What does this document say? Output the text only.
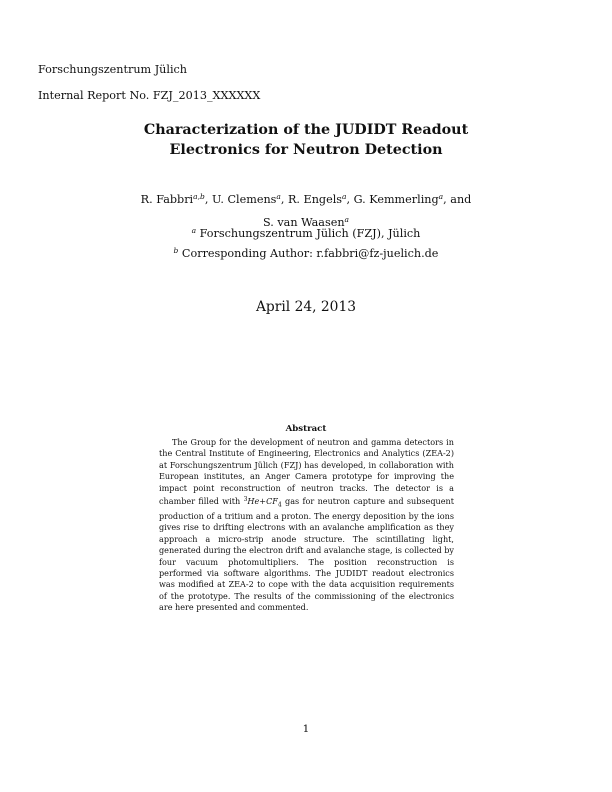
Forschungszentrum Jülich
Internal Report No. FZJ_2013_XXXXXX
Characterization of the JUDIDT Readout
Electronics for Neutron Detection
R. Fabbri$^{a,b}$, U. Clemens$^a$, R. Engels$^a$, G. Kemmerling$^a$, and
S. van Waasen$^a$
$^a$ Forschungszentrum Jülich (FZJ), Jülich
$^b$ Corresponding Author: r.fabbri@fz-juelich.de
April 24, 2013
Abstract
The Group for the development of neutron and gamma detectors in the Central Institute of Engineering, Electronics and Analytics (ZEA-2) at Forschungszentrum Jülich (FZJ) has developed, in collaboration with European institutes, an Anger Camera prototype for improving the impact point reconstruction of neutron tracks. The detector is a chamber filled with $^3He+CF_4$ gas for neutron capture and subsequent production of a tritium and a proton. The energy deposition by the ions gives rise to drifting electrons with an avalanche amplification as they approach a micro-strip anode structure. The scintillating light, generated during the electron drift and avalanche stage, is collected by four vacuum photomultipliers. The position reconstruction is performed via software algorithms. The JUDIDT readout electronics was modified at ZEA-2 to cope with the data acquisition requirements of the prototype. The results of the commissioning of the electronics are here presented and commented.
1
